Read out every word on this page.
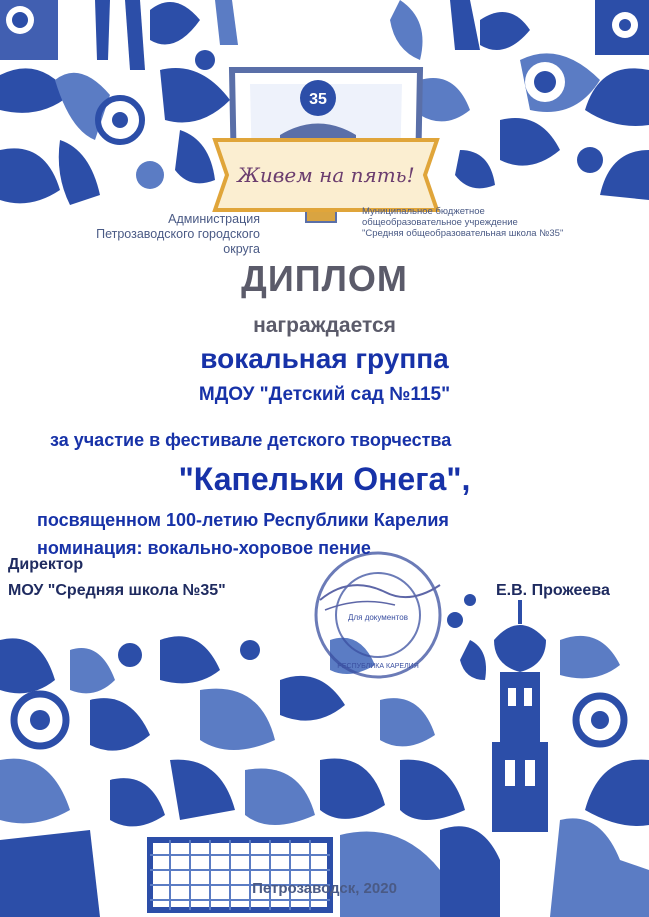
35
Живем на пять!
Для документов
РЕСПУБЛИКА КАРЕЛИЯ
Администрация
Петрозаводского городского округа
Муниципальное бюджетное
общеобразовательное учреждение
"Средняя общеобразовательная школа №35"
ДИПЛОМ
награждается
вокальная группа
МДОУ "Детский сад №115"
за участие в фестивале детского творчества
"Капельки Онега",
посвященном 100-летию Республики Карелия
номинация: вокально-хоровое пение
Директор
МОУ "Средняя школа №35"	Е.В. Прожеева
Петрозаводск, 2020
